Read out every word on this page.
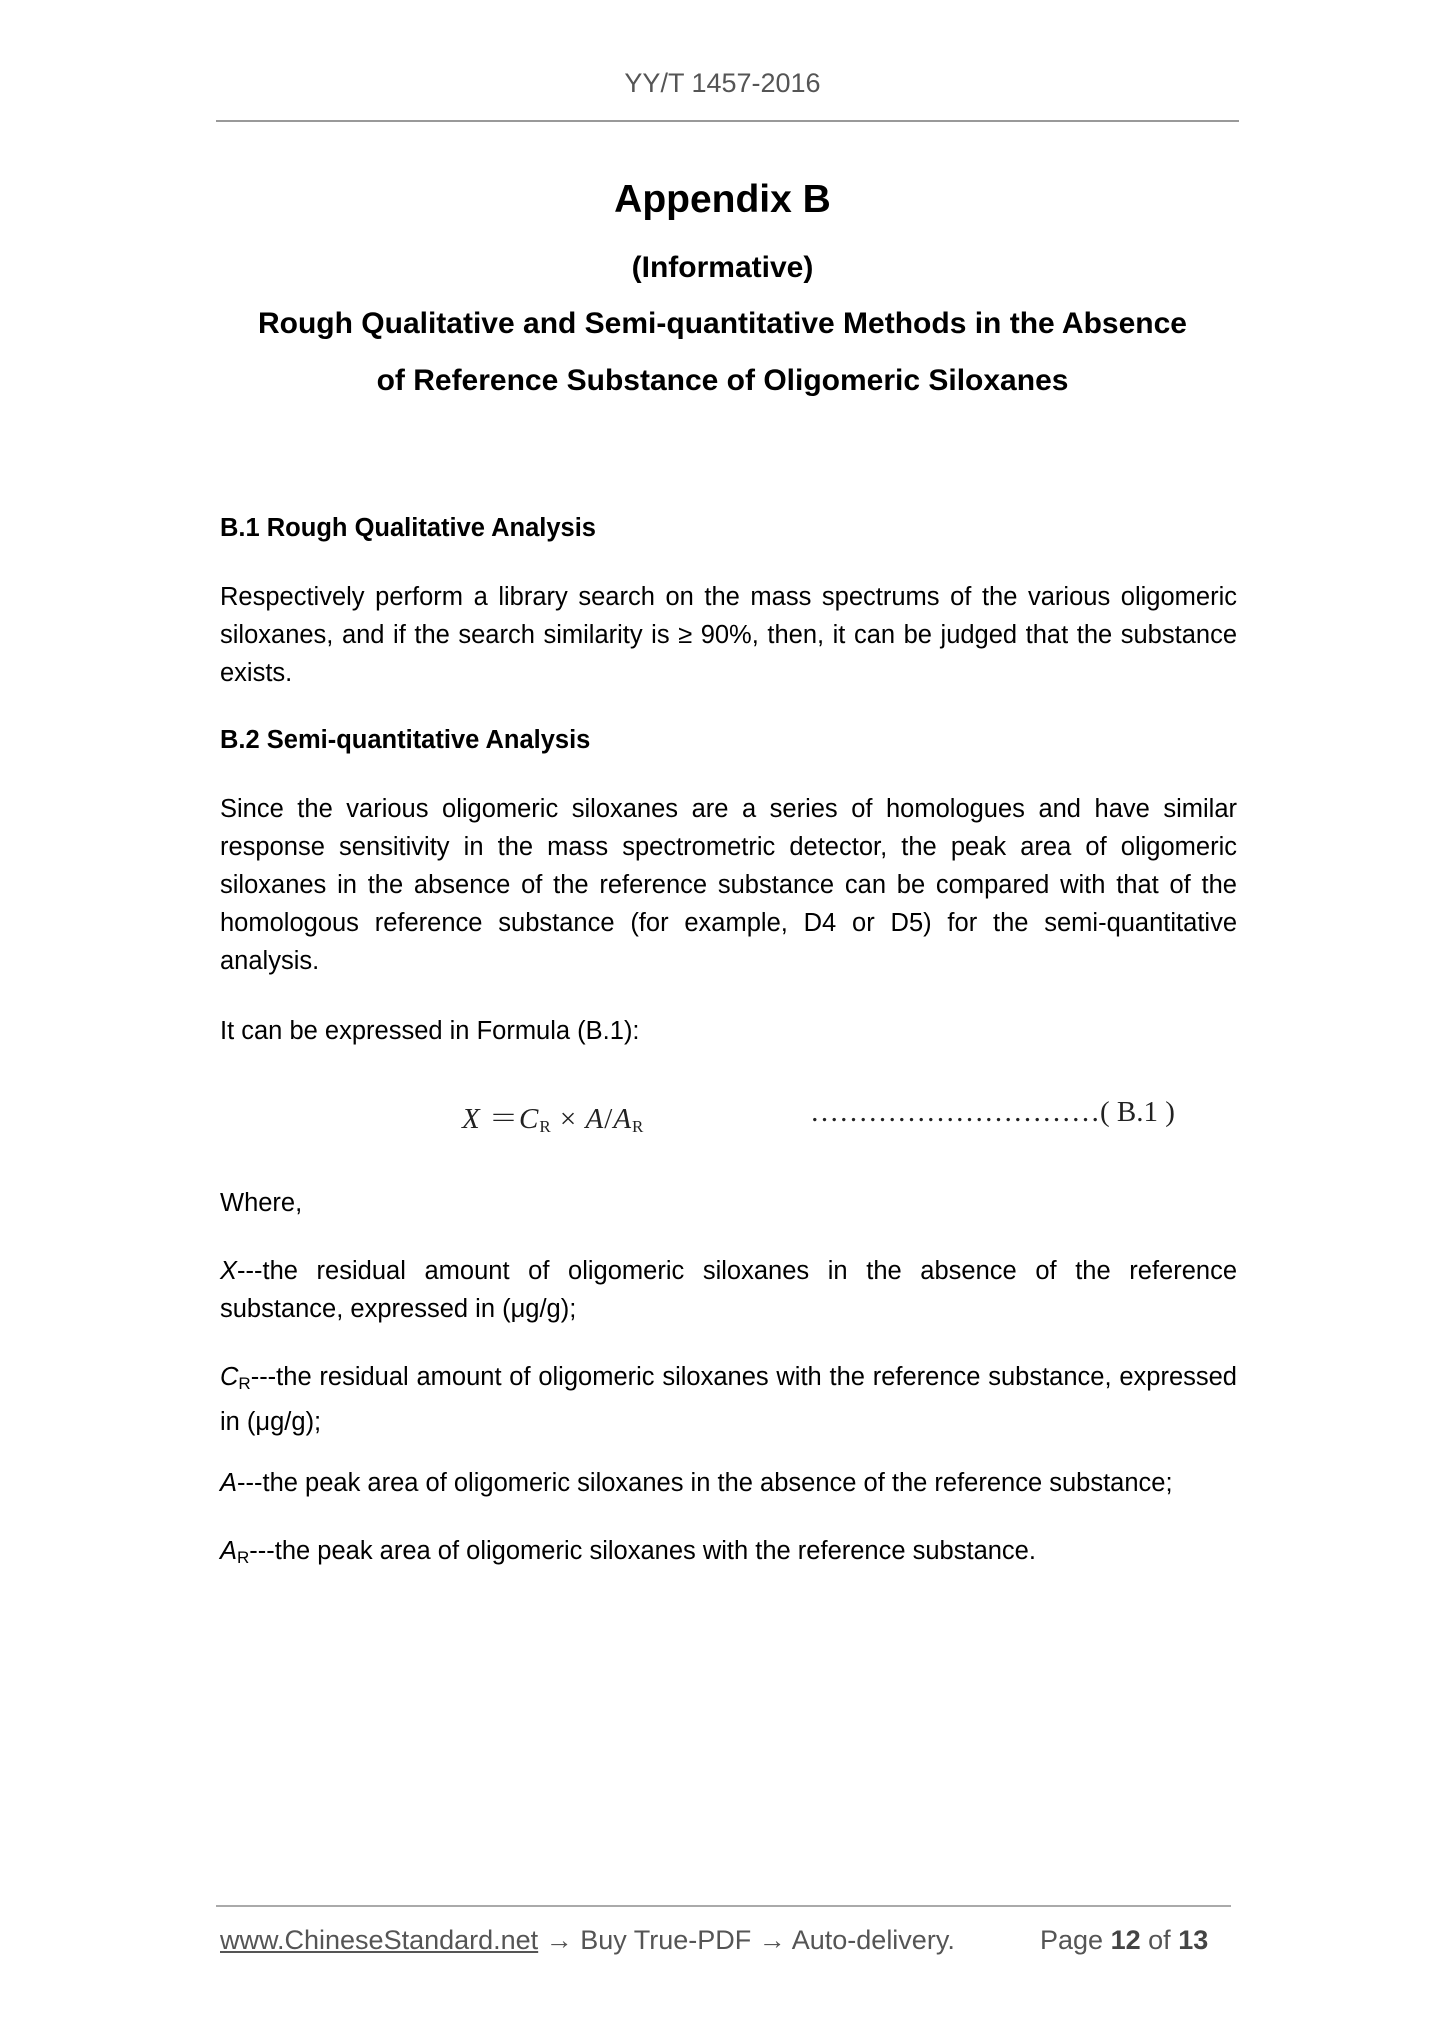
YY/T 1457-2016
Appendix B
(Informative)
Rough Qualitative and Semi-quantitative Methods in the Absence
of Reference Substance of Oligomeric Siloxanes
B.1 Rough Qualitative Analysis

Respectively perform a library search on the mass spectrums of the various oligomeric siloxanes, and if the search similarity is ≥ 90%, then, it can be judged that the substance exists.

B.2 Semi-quantitative Analysis

Since the various oligomeric siloxanes are a series of homologues and have similar response sensitivity in the mass spectrometric detector, the peak area of oligomeric siloxanes in the absence of the reference substance can be compared with that of the homologous reference substance (for example, D4 or D5) for the semi-quantitative analysis.

It can be expressed in Formula (B.1):

$X =C_R \times A/A_R$	…………………………( B.1 )

Where,

X---the residual amount of oligomeric siloxanes in the absence of the reference substance, expressed in (μg/g);

CR---the residual amount of oligomeric siloxanes with the reference substance, expressed in (μg/g);

A---the peak area of oligomeric siloxanes in the absence of the reference substance;

AR---the peak area of oligomeric siloxanes with the reference substance.

www.ChineseStandard.net → Buy True-PDF → Auto-delivery.	Page 12 of 13
